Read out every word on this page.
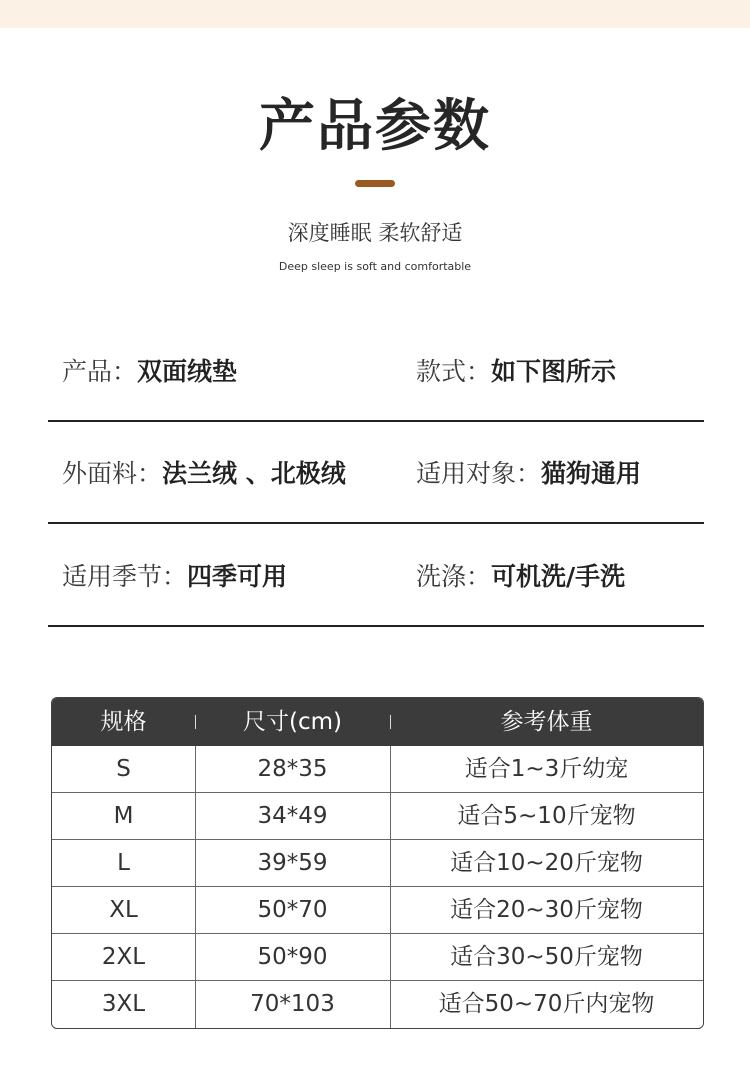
产品参数
深度睡眠 柔软舒适
Deep sleep is soft and comfortable
产品：双面绒垫	款式：如下图所示
外面料：法兰绒 、北极绒	适用对象：猫狗通用
适用季节：四季可用	洗涤：可机洗/手洗
规格	尺寸(cm)	参考体重
S	28*35	适合1~3斤幼宠
M	34*49	适合5~10斤宠物
L	39*59	适合10~20斤宠物
XL	50*70	适合20~30斤宠物
2XL	50*90	适合30~50斤宠物
3XL	70*103	适合50~70斤内宠物
